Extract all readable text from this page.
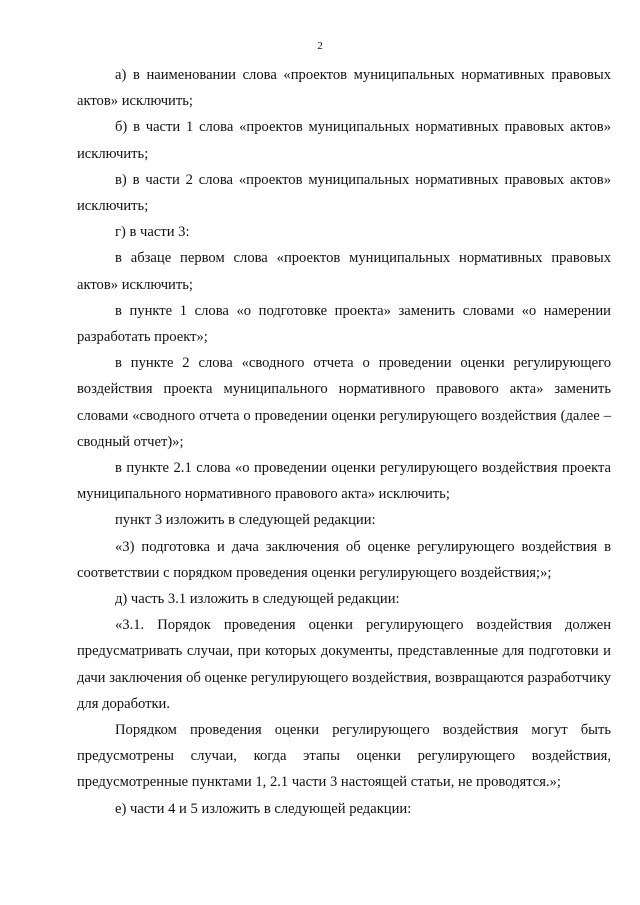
2

а) в наименовании слова «проектов муниципальных нормативных правовых актов» исключить;

б) в части 1 слова «проектов муниципальных нормативных правовых актов» исключить;

в) в части 2 слова «проектов муниципальных нормативных правовых актов» исключить;

г) в части 3:

в абзаце первом слова «проектов муниципальных нормативных правовых актов» исключить;

в пункте 1 слова «о подготовке проекта» заменить словами «о намерении разработать проект»;

в пункте 2 слова «сводного отчета о проведении оценки регулирующего воздействия проекта муниципального нормативного правового акта» заменить словами «сводного отчета о проведении оценки регулирующего воздействия (далее – сводный отчет)»;

в пункте 2.1 слова «о проведении оценки регулирующего воздействия проекта муниципального нормативного правового акта» исключить;

пункт 3 изложить в следующей редакции:

«3) подготовка и дача заключения об оценке регулирующего воздействия в соответствии с порядком проведения оценки регулирующего воздействия;»;

д) часть 3.1 изложить в следующей редакции:

«3.1. Порядок проведения оценки регулирующего воздействия должен предусматривать случаи, при которых документы, представленные для подготовки и дачи заключения об оценке регулирующего воздействия, возвращаются разработчику для доработки.

Порядком проведения оценки регулирующего воздействия могут быть предусмотрены случаи, когда этапы оценки регулирующего воздействия, предусмотренные пунктами 1, 2.1 части 3 настоящей статьи, не проводятся.»;

е) части 4 и 5 изложить в следующей редакции:
